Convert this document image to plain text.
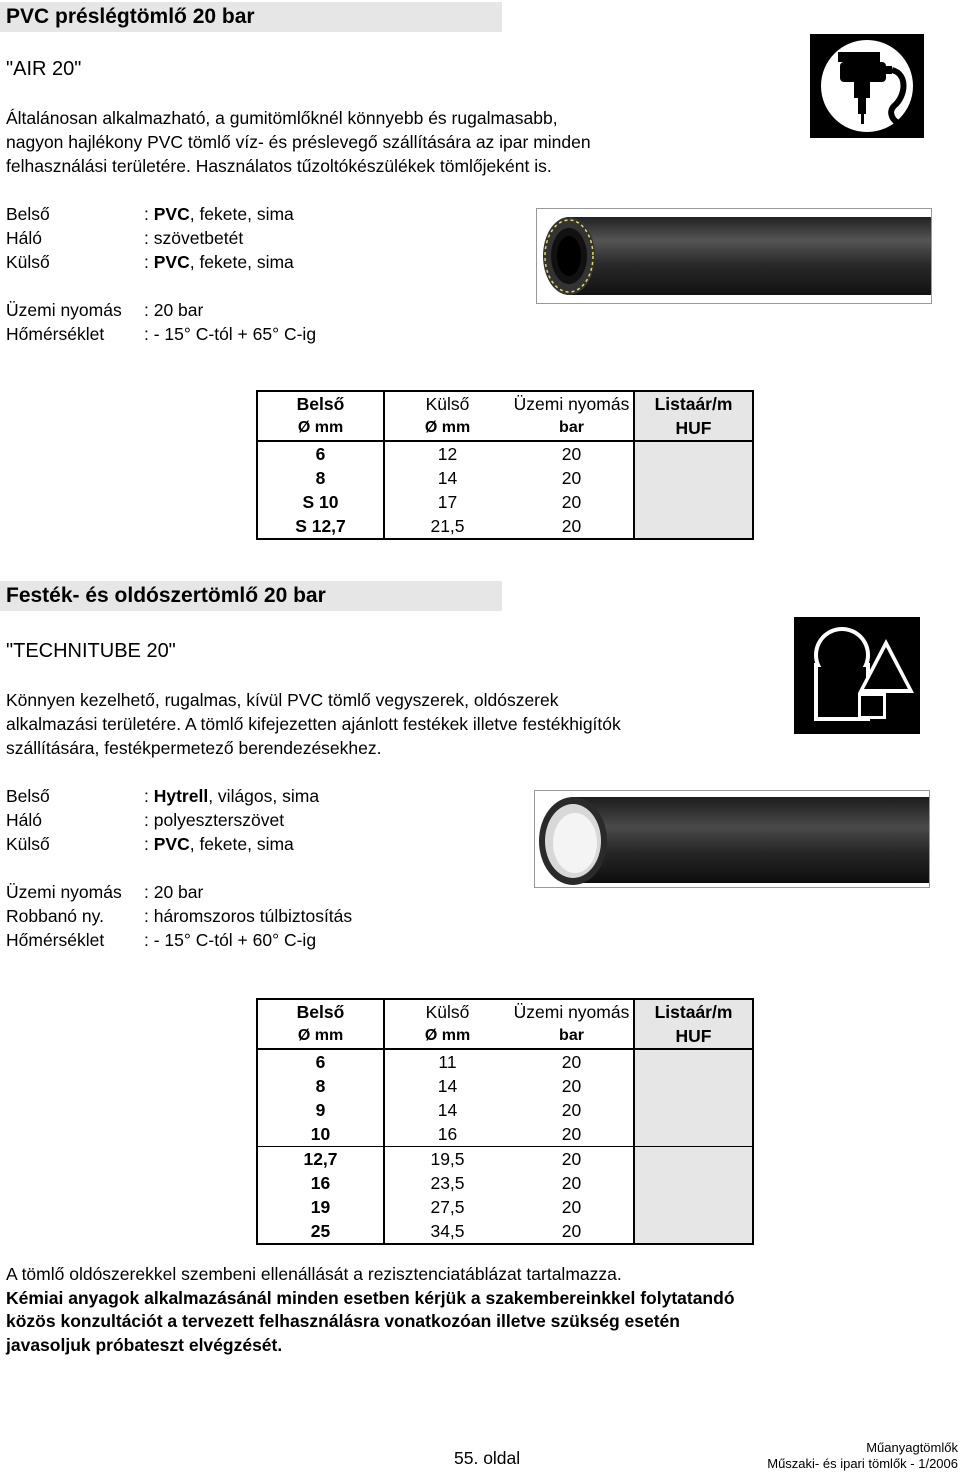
PVC préslégtömlő 20 bar
"AIR 20"
Általánosan alkalmazható, a gumitömlőknél könnyebb és rugalmasabb,
nagyon hajlékony PVC tömlő víz- és préslevegő szállítására az ipar minden
felhasználási területére. Használatos tűzoltókészülékek tömlőjeként is.
Belső	: PVC, fekete, sima
Háló	: szövetbetét
Külső	: PVC, fekete, sima
Üzemi nyomás : 20 bar
Hőmérséklet : - 15° C-tól + 65° C-ig
Belső	Külső	Üzemi nyomás	Listaár/m
Ø mm	Ø mm	bar	HUF
6	12	20	
8	14	20	
S 10	17	20	
S 12,7	21,5	20	
Festék- és oldószertömlő 20 bar
"TECHNITUBE 20"
Könnyen kezelhető, rugalmas, kívül PVC tömlő vegyszerek, oldószerek
alkalmazási területére. A tömlő kifejezetten ajánlott festékek illetve festékhigítók
szállítására, festékpermetező berendezésekhez.
Belső	: Hytrell, világos, sima
Háló	: polyeszterszövet
Külső	: PVC, fekete, sima
Üzemi nyomás : 20 bar
Robbanó ny. : háromszoros túlbiztosítás
Hőmérséklet : - 15° C-tól + 60° C-ig
Belső	Külső	Üzemi nyomás	Listaár/m
Ø mm	Ø mm	bar	HUF
6	11	20	
8	14	20	
9	14	20	
10	16	20	
12,7	19,5	20	
16	23,5	20	
19	27,5	20	
25	34,5	20	
A tömlő oldószerekkel szembeni ellenállását a rezisztenciatáblázat tartalmazza.
Kémiai anyagok alkalmazásánál minden esetben kérjük a szakembereinkkel folytatandó
közös konzultációt a tervezett felhasználásra vonatkozóan illetve szükség esetén
javasoljuk próbateszt elvégzését.
55. oldal
Műanyagtömlők
Műszaki- és ipari tömlők - 1/2006
